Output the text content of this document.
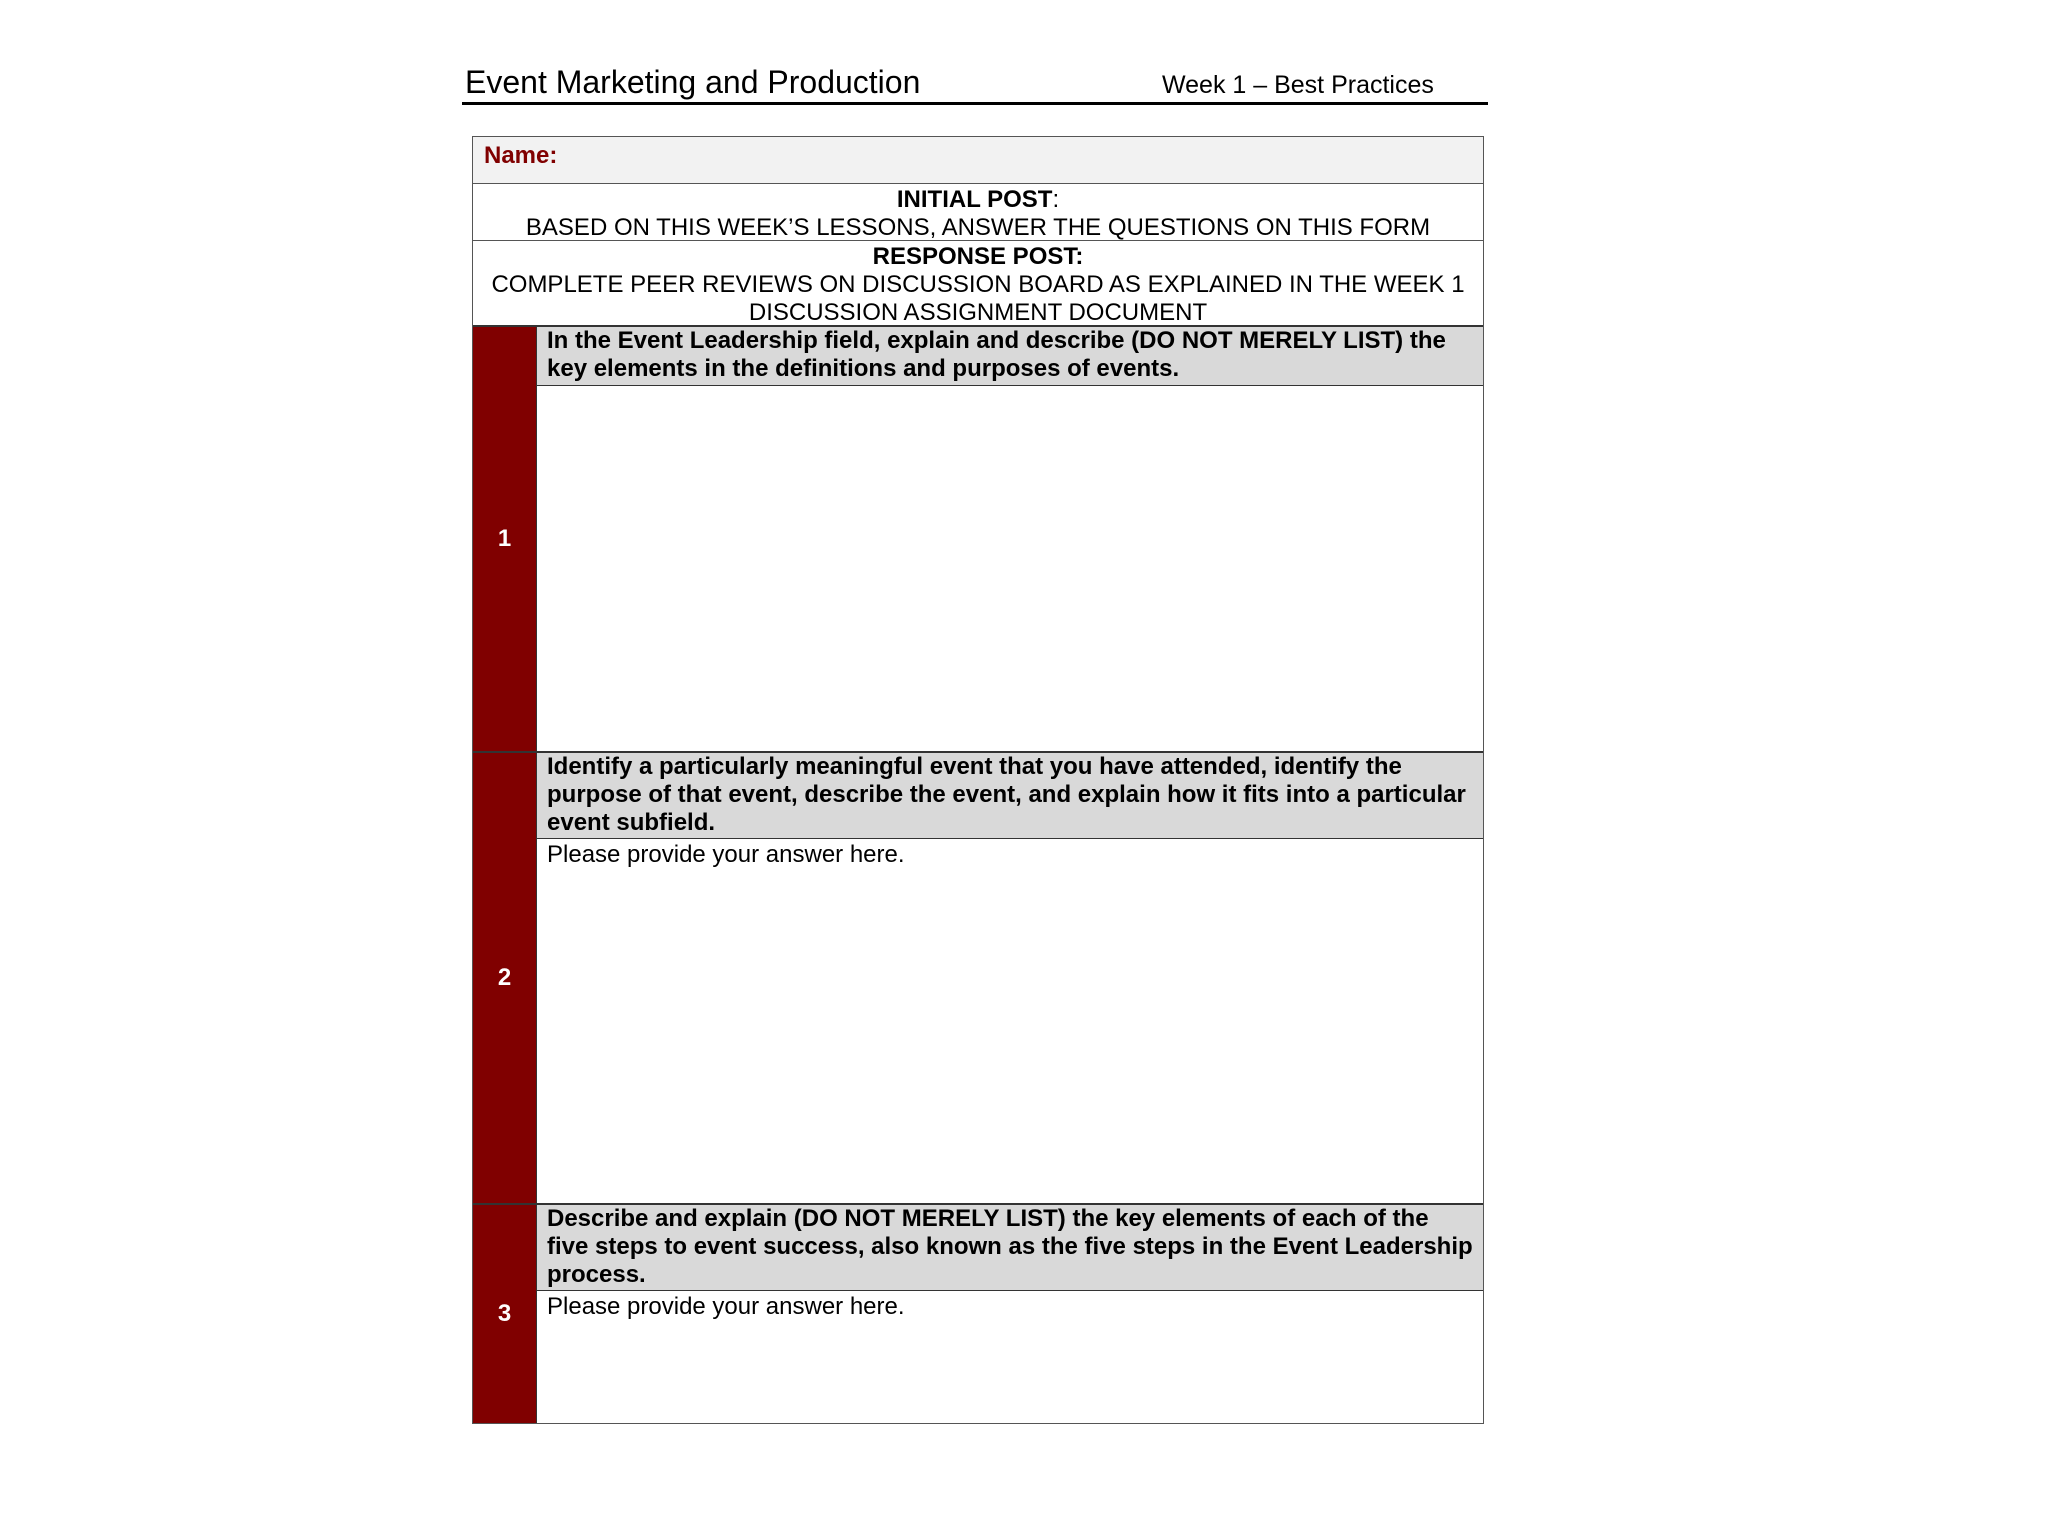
Event Marketing and Production	Week 1 – Best Practices
Name:
INITIAL POST:
BASED ON THIS WEEK’S LESSONS, ANSWER THE QUESTIONS ON THIS FORM
RESPONSE POST:
COMPLETE PEER REVIEWS ON DISCUSSION BOARD AS EXPLAINED IN THE WEEK 1 DISCUSSION ASSIGNMENT DOCUMENT
1
In the Event Leadership field, explain and describe (DO NOT MERELY LIST) the key elements in the definitions and purposes of events.
2
Identify a particularly meaningful event that you have attended, identify the purpose of that event, describe the event, and explain how it fits into a particular event subfield.
Please provide your answer here.
3
Describe and explain (DO NOT MERELY LIST) the key elements of each of the five steps to event success, also known as the five steps in the Event Leadership process.
Please provide your answer here.
